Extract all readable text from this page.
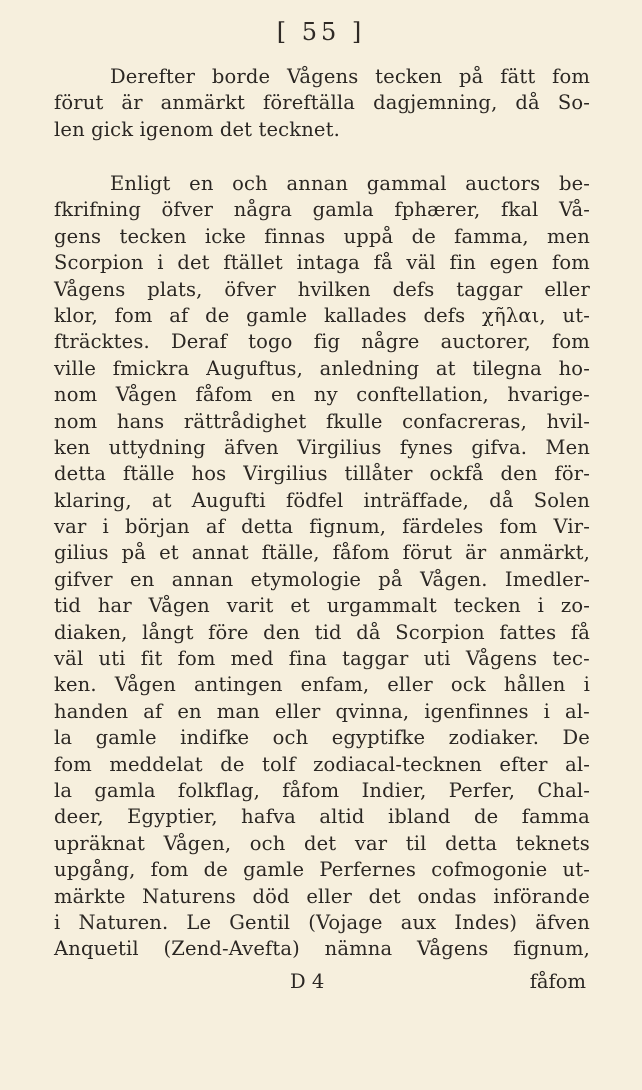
[ 55 ]
Derefter borde Vågens tecken på fätt fom
förut är anmärkt föreftälla dagjemning, då So-
len gick igenom det tecknet.
Enligt en och annan gammal auctors be-
fkrifning öfver några gamla fphærer, fkal Vå-
gens tecken icke finnas uppå de famma, men
Scorpion i det ftället intaga få väl fin egen fom
Vågens plats, öfver hvilken defs taggar eller
klor, fom af de gamle kallades defs χῆλαι, ut-
fträcktes. Deraf togo fig någre auctorer, fom
ville fmickra Auguftus, anledning at tilegna ho-
nom Vågen fåfom en ny conftellation, hvarige-
nom hans rättrådighet fkulle confacreras, hvil-
ken uttydning äfven Virgilius fynes gifva. Men
detta ftälle hos Virgilius tillåter ockfå den för-
klaring, at Augufti födfel inträffade, då Solen
var i början af detta fignum, färdeles fom Vir-
gilius på et annat ftälle, fåfom förut är anmärkt,
gifver en annan etymologie på Vågen. Imedler-
tid har Vågen varit et urgammalt tecken i zo-
diaken, långt före den tid då Scorpion fattes få
väl uti fit fom med fina taggar uti Vågens tec-
ken. Vågen antingen enfam, eller ock hållen i
handen af en man eller qvinna, igenfinnes i al-
la gamle indifke och egyptifke zodiaker. De
fom meddelat de tolf zodiacal-tecknen efter al-
la gamla folkflag, fåfom Indier, Perfer, Chal-
deer, Egyptier, hafva altid ibland de famma
upräknat Vågen, och det var til detta teknets
upgång, fom de gamle Perfernes cofmogonie ut-
märkte Naturens död eller det ondas införande
i Naturen. Le Gentil (Vojage aux Indes) äfven
Anquetil (Zend-Avefta) nämna Vågens fignum,
D 4	fåfom
